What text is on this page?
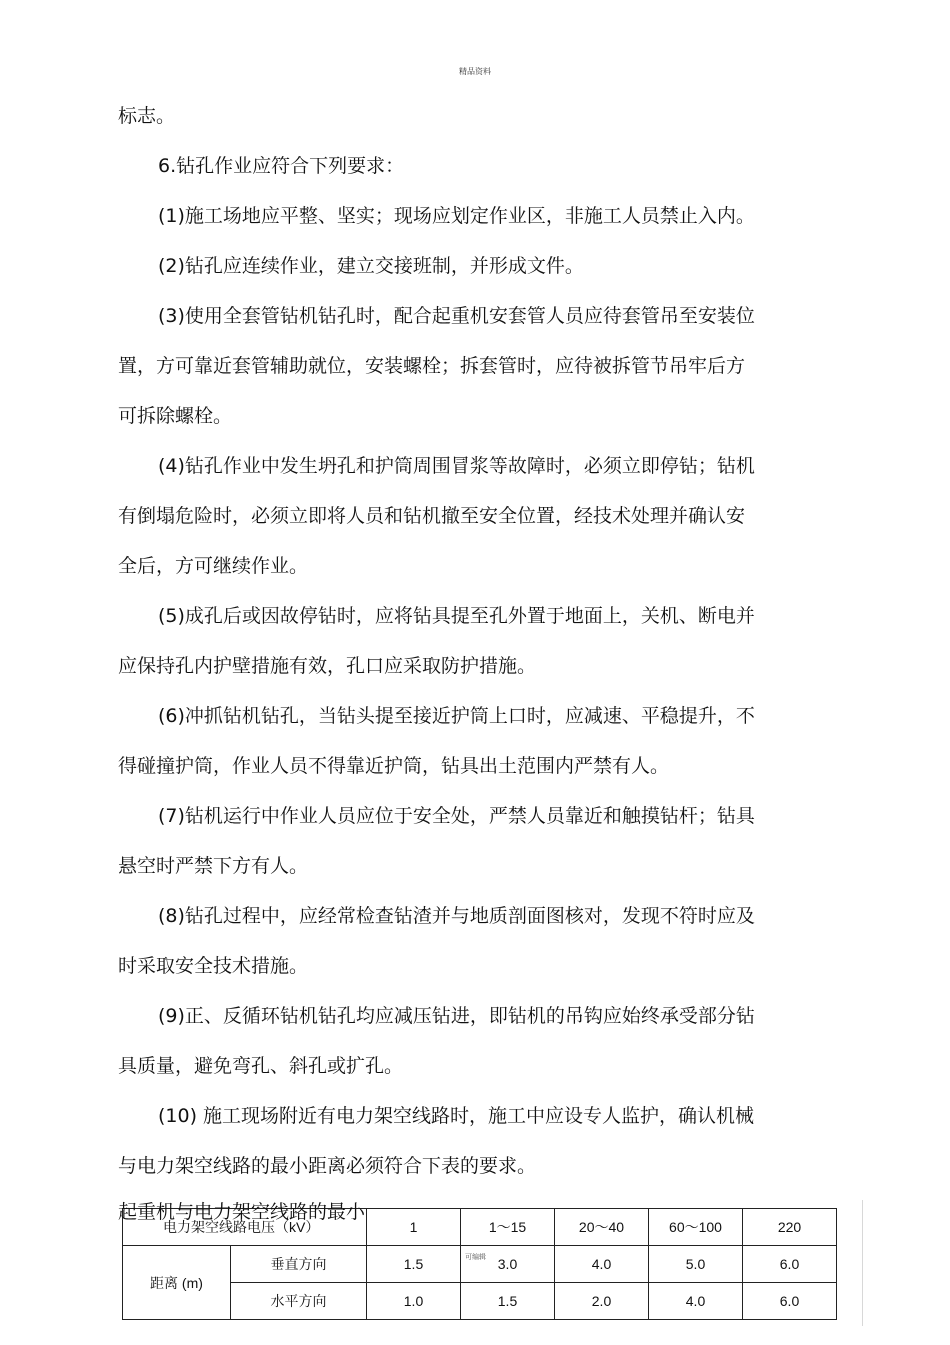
精品资料
标志。
6.钻孔作业应符合下列要求：
(1)施工场地应平整、坚实；现场应划定作业区，非施工人员禁止入内。
(2)钻孔应连续作业，建立交接班制，并形成文件。
(3)使用全套管钻机钻孔时，配合起重机安套管人员应待套管吊至安装位
置，方可靠近套管辅助就位，安装螺栓；拆套管时，应待被拆管节吊牢后方
可拆除螺栓。
(4)钻孔作业中发生坍孔和护筒周围冒浆等故障时，必须立即停钻；钻机
有倒塌危险时，必须立即将人员和钻机撤至安全位置，经技术处理并确认安
全后，方可继续作业。
(5)成孔后或因故停钻时，应将钻具提至孔外置于地面上，关机、断电并
应保持孔内护壁措施有效，孔口应采取防护措施。
(6)冲抓钻机钻孔，当钻头提至接近护筒上口时，应减速、平稳提升，不
得碰撞护筒，作业人员不得靠近护筒，钻具出土范围内严禁有人。
(7)钻机运行中作业人员应位于安全处，严禁人员靠近和触摸钻杆；钻具
悬空时严禁下方有人。
(8)钻孔过程中，应经常检查钻渣并与地质剖面图核对，发现不符时应及
时采取安全技术措施。
(9)正、反循环钻机钻孔均应减压钻进，即钻机的吊钩应始终承受部分钻
具质量，避免弯孔、斜孔或扩孔。
(10) 施工现场附近有电力架空线路时，施工中应设专人监护，确认机械
与电力架空线路的最小距离必须符合下表的要求。
电力架空线路电压（kV）		1	1～15	20～40	60～100	220
距离 (m)	垂直方向	1.5	可编辑 3.0	4.0	5.0	6.0
	水平方向	1.0	1.5	2.0	4.0	6.0
起重机与电力架空线路的最小
